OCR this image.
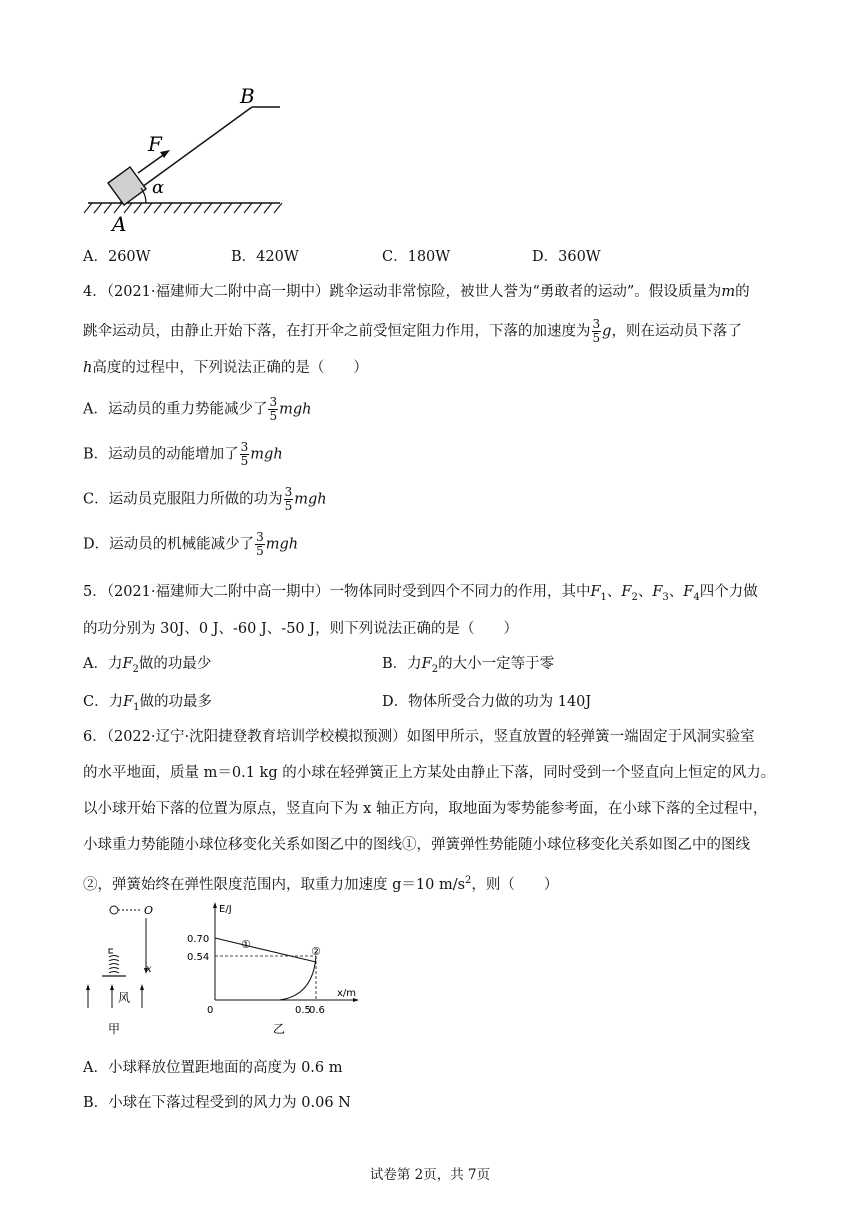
B
F
α
A
A．260W	B．420W	C．180W	D．360W
4．（2021·福建师大二附中高一期中）跳伞运动非常惊险，被世人誉为“勇敢者的运动”。假设质量为m的
跳伞运动员，由静止开始下落，在打开伞之前受恒定阻力作用，下落的加速度为 $\frac{3}{5}$ g，则在运动员下落了
h高度的过程中，下列说法正确的是（　　）
A．运动员的重力势能减少了 $\frac{3}{5}$ mgh
B．运动员的动能增加了 $\frac{3}{5}$ mgh
C．运动员克服阻力所做的功为 $\frac{3}{5}$ mgh
D．运动员的机械能减少了 $\frac{3}{5}$ mgh
5．（2021·福建师大二附中高一期中）一物体同时受到四个不同力的作用，其中$F_1$、$F_2$、$F_3$、$F_4$四个力做
的功分别为 30J、0 J、-60 J、-50 J，则下列说法正确的是（　　）
A．力$F_2$做的功最少	B．力$F_2$的大小一定等于零
C．力$F_1$做的功最多	D．物体所受合力做的功为 140J
6．（2022·辽宁·沈阳捷登教育培训学校模拟预测）如图甲所示，竖直放置的轻弹簧一端固定于风洞实验室
的水平地面，质量 m＝0.1 kg 的小球在轻弹簧正上方某处由静止下落，同时受到一个竖直向上恒定的风力。
以小球开始下落的位置为原点，竖直向下为 x 轴正方向，取地面为零势能参考面，在小球下落的全过程中，
小球重力势能随小球位移变化关系如图乙中的图线①，弹簧弹性势能随小球位移变化关系如图乙中的图线
②，弹簧始终在弹性限度范围内，取重力加速度 g＝10 $m/s^2$，则（　　）
O
x
风
甲
E/J
0.70
0.54
0	0.5
0.6
x/m
①
②
乙
A．小球释放位置距地面的高度为 0.6 m
B．小球在下落过程受到的风力为 0.06 N
试卷第 2页，共 7页
